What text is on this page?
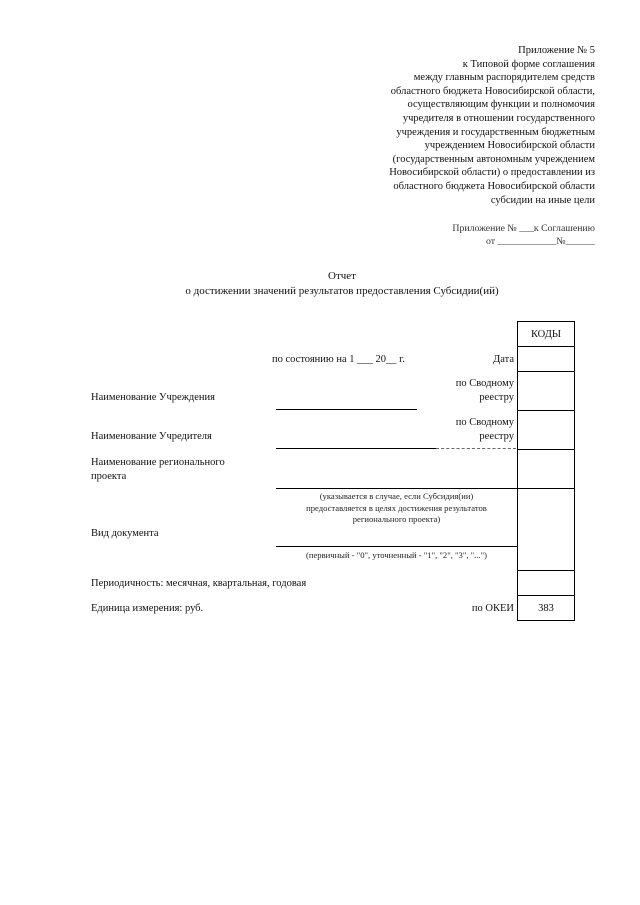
Приложение № 5
к Типовой форме соглашения
между главным распорядителем средств
областного бюджета Новосибирской области,
осуществляющим функции и полномочия
учредителя в отношении государственного
учреждения и государственным бюджетным
учреждением Новосибирской области
(государственным автономным учреждением
Новосибирской области) о предоставлении из
областного бюджета Новосибирской области
субсидии на иные цели
Приложение № ___к Соглашению
от ____________№______
Отчет
о достижении значений результатов предоставления Субсидии(ий)
КОДЫ
383
по состоянию на 1 ___ 20__ г.	Дата
Наименование Учреждения
по Сводному
реестру
Наименование Учредителя
по Сводному
реестру
Наименование регионального
проекта
(указывается в случае, если Субсидия(ии)
предоставляется в целях достижения результатов
регионального проекта)
Вид документа
(первичный - "0", уточненный - "1", "2", "3", "...")
Периодичность: месячная, квартальная, годовая
Единица измерения: руб.	по ОКЕИ
